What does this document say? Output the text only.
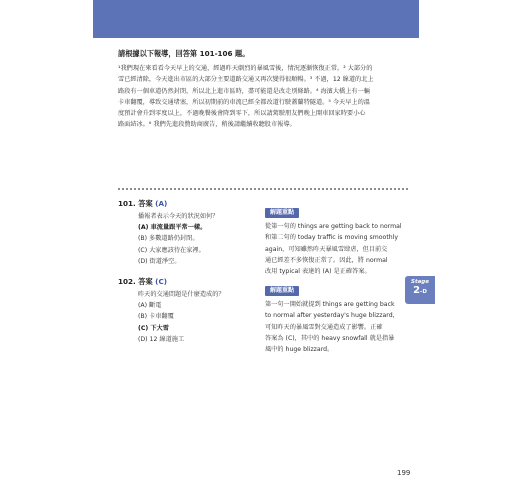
請根據以下報導，回答第 101-106 題。
¹我們現在來看看今天早上的交通，經過昨天劇烈的暴風雪後，情況逐漸恢復正常。² 大部分的
雪已經清除，今天進出市區的大部分主要道路交通又再次變得很順暢。³ 不過，12 線道的北上
路段有一個車道仍然封閉，所以北上進市區時，盡可能還是改走別條路。⁴ 海濱大橋上有一輛
卡車翻覆，導致交通堵塞，所以初期前的車流已經全都改道行駛蓋蘭特隧道。⁵ 今天早上的溫
度預計會升到零度以上，不過晚餐後會降到零下，所以請駕駛朋友們晚上開車回家時要小心
路面結冰。⁶ 我們先進段贊助商廣告，稍後請繼續收聽股市報導。
101. 答案 (A)
播報者表示今天的狀況如何？
(A) 車流量跟平常一樣。
(B) 多數道路仍封閉。
(C) 大家應該待在家裡。
(D) 街道淨空。
解題重點
從第一句的 things are getting back to normal
和第二句的 today traffic is moving smoothly
again，可知雖然昨天暴風雪肆虐，但目前交
通已經差不多恢復正常了。因此，將 normal
改用 typical 表達的 (A) 是正確答案。
102. 答案 (C)
昨天的交通問題是什麼造成的？
(A) 斷電
(B) 卡車翻覆
(C) 下大雪
(D) 12 線道施工
解題重點
第一句一開始就提到 things are getting back
to normal after yesterday's huge blizzard，
可知昨天的暴風雪對交通造成了影響。正確
答案為 (C)，其中的 heavy snowfall 就是指暴
風中的 huge blizzard。
Stage
2-D
199
